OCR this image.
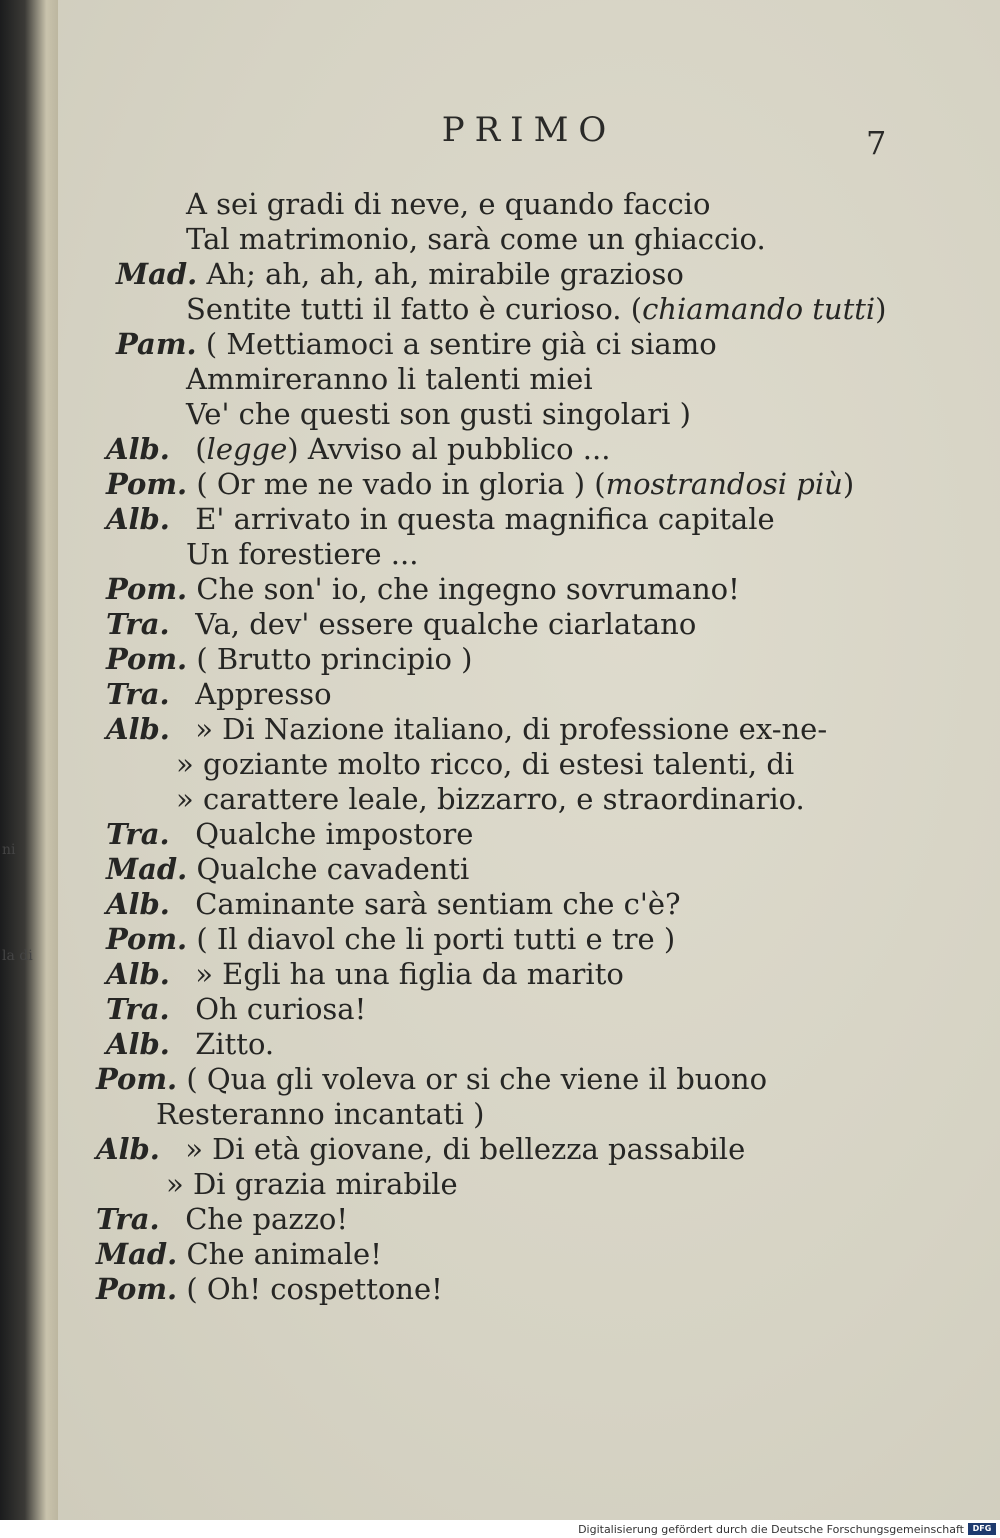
ni
la di
PRIMO	7
A sei gradi di neve, e quando faccio
Tal matrimonio, sarà come un ghiaccio.
Mad. Ah; ah, ah, ah, mirabile grazioso
Sentite tutti il fatto è curioso. (chiamando tutti)
Pam. ( Mettiamoci a sentire già ci siamo
Ammireranno li talenti miei
Ve' che questi son gusti singolari )
Alb. (legge) Avviso al pubblico ...
Pom. ( Or me ne vado in gloria ) (mostrandosi più)
Alb. E' arrivato in questa magnifica capitale
Un forestiere ...
Pom. Che son' io, che ingegno sovrumano!
Tra. Va, dev' essere qualche ciarlatano
Pom. ( Brutto principio )
Tra. Appresso
Alb. » Di Nazione italiano, di professione ex-ne-
» goziante molto ricco, di estesi talenti, di
» carattere leale, bizzarro, e straordinario.
Tra. Qualche impostore
Mad. Qualche cavadenti
Alb. Caminante sarà sentiam che c'è?
Pom. ( Il diavol che li porti tutti e tre )
Alb. » Egli ha una figlia da marito
Tra. Oh curiosa!
Alb. Zitto.
Pom. ( Qua gli voleva or si che viene il buono
Resteranno incantati )
Alb. » Di età giovane, di bellezza passabile
» Di grazia mirabile
Tra. Che pazzo!
Mad. Che animale!
Pom. ( Oh! cospettone!
Digitalisierung gefördert durch die Deutsche Forschungsgemeinschaft	DFG
